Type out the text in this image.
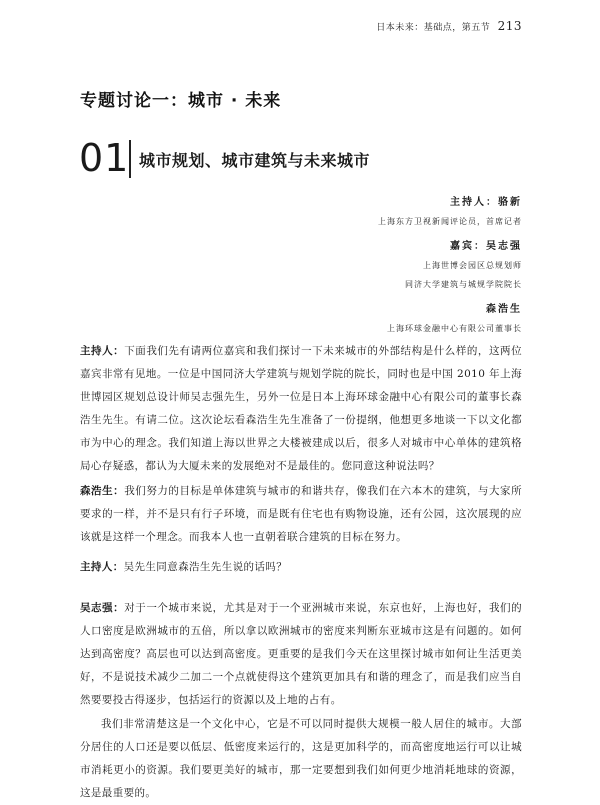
日本未来：基础点，第五节 213
专题讨论一：城市 · 未来
01 城市规划、城市建筑与未来城市
主持人：骆新
上海东方卫视新闻评论员，首席记者
嘉宾：吴志强
上海世博会园区总规划师
同济大学建筑与城规学院院长
森浩生
上海环球金融中心有限公司董事长

主持人：下面我们先有请两位嘉宾和我们探讨一下未来城市的外部结构是什么样的，这两位嘉宾非常有见地。一位是中国同济大学建筑与规划学院的院长，同时也是中国 2010 年上海世博园区规划总设计师吴志强先生，另外一位是日本上海环球金融中心有限公司的董事长森浩生先生。有请二位。这次论坛看森浩生先生准备了一份提纲，他想更多地谈一下以文化都市为中心的理念。我们知道上海以世界之大楼被建成以后，很多人对城市中心单体的建筑格局心存疑惑，都认为大厦未来的发展绝对不是最佳的。您同意这种说法吗？

森浩生：我们努力的目标是单体建筑与城市的和谐共存，像我们在六本木的建筑，与大家所要求的一样，并不是只有行子环境，而是既有住宅也有购物设施，还有公园，这次展现的应该就是这样一个理念。而我本人也一直朝着联合建筑的目标在努力。

主持人：吴先生同意森浩生先生说的话吗？

吴志强：对于一个城市来说，尤其是对于一个亚洲城市来说，东京也好，上海也好，我们的人口密度是欧洲城市的五倍，所以拿以欧洲城市的密度来判断东亚城市这是有问题的。如何达到高密度？高层也可以达到高密度。更重要的是我们今天在这里探讨城市如何让生活更美好，不是说技术减少二加二一个点就使得这个建筑更加具有和谐的理念了，而是我们应当自然要要投古得逐步，包括运行的资源以及上地的占有。

我们非常清楚这是一个文化中心，它是不可以同时提供大规模一般人居住的城市。大部分居住的人口还是要以低层、低密度来运行的，这是更加科学的，而高密度地运行可以让城市消耗更小的资源。我们要更美好的城市，那一定要想到我们如何更少地消耗地球的资源，这是最重要的。
